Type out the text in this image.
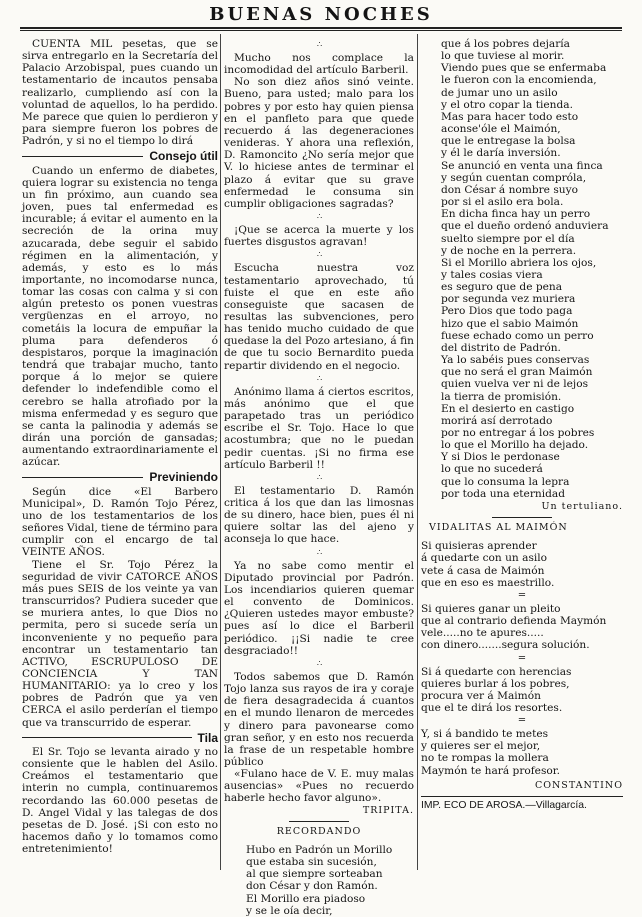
BUENAS NOCHES

CUENTA MIL pesetas, que se sirva entregarlo en la Secretaría del Palacio Arzobispal, pues cuando un testamentario de incautos pensaba realizarlo, cumpliendo así con la voluntad de aquellos, lo ha perdido. Me parece que quien lo perdieron y para siempre fueron los pobres de Padrón, y si no el tiempo lo dirá

Consejo útil

Cuando un enfermo de diabetes, quiera lograr su existencia no tenga un fin próximo, aun cuando sea joven, pues tal enfermedad es incurable; á evitar el aumento en la secreción de la orina muy azucarada, debe seguir el sabido régimen en la alimentación, y además, y esto es lo más importante, no incomodarse nunca, tomar las cosas con calma y si con algún pretesto os ponen vuestras vergüenzas en el arroyo, no cometáis la locura de empuñar la pluma para defenderos ó despistaros, porque la imaginación tendrá que trabajar mucho, tanto porque á lo mejor se quiere defender lo indefendible como el cerebro se halla atrofiado por la misma enfermedad y es seguro que se canta la palinodia y además se dirán una porción de gansadas; aumentando extraordinariamente el azúcar.

Previniendo

Según dice «El Barbero Municipal», D. Ramón Tojo Pérez, uno de los testamentarios de los señores Vidal, tiene de término para cumplir con el encargo de tal VEINTE AÑOS.

Tiene el Sr. Tojo Pérez la seguridad de vivir CATORCE AÑOS más pues SEIS de los veinte ya van transcurridos? Pudiera suceder que se muriera antes, lo que Dios no permita, pero si sucede sería un inconveniente y no pequeño para encontrar un testamentario tan ACTIVO, ESCRUPULOSO DE CONCIENCIA Y TAN HUMANITARIO: ya lo creo y los pobres de Padrón que ya ven CERCA el asilo perderían el tiempo que va transcurrido de esperar.

Tila

El Sr. Tojo se levanta airado y no consiente que le hablen del Asilo. Creámos el testamentario que interin no cumpla, continuaremos recordando las 60.000 pesetas de D. Angel Vidal y las talegas de dos pesetas de D. José. ¡Si con esto no hacemos daño y lo tomamos como entretenimiento!

∴

Mucho nos complace la incomodidad del artículo Barberil.

No son diez años sinó veinte. Bueno, para usted; malo para los pobres y por esto hay quien piensa en el panfleto para que quede recuerdo á las degeneraciones venideras. Y ahora una reflexión, D. Ramoncito ¿No sería mejor que V. lo hiciese antes de terminar el plazo á evitar que su grave enfermedad le consuma sin cumplir obligaciones sagradas?

∴

¡Que se acerca la muerte y los fuertes disgustos agravan!

∴

Escucha nuestra voz testamentario aprovechado, tú fuiste el que en este año conseguiste que sacasen de resultas las subvenciones, pero has tenido mucho cuidado de que quedase la del Pozo artesiano, á fin de que tu socio Bernardito pueda repartir dividendo en el negocio.

∴

Anónimo llama á ciertos escritos, más anónimo que el que parapetado tras un periódico escribe el Sr. Tojo. Hace lo que acostumbra; que no le puedan pedir cuentas. ¡Si no firma ese artículo Barberil !!

∴

El testamentario D. Ramón critica á los que dan las limosnas de su dinero, hace bien, pues él ni quiere soltar las del ajeno y aconseja lo que hace.

∴

Ya no sabe como mentir el Diputado provincial por Padrón. Los incendiarios quieren quemar el convento de Dominicos. ¿Quieren ustedes mayor embuste? pues así lo dice el Barberil periódico. ¡¡Si nadie te cree desgraciado!!

∴

Todos sabemos que D. Ramón Tojo lanza sus rayos de ira y coraje de fiera desagradecida á cuantos en el mundo llenaron de mercedes y dinero para pavonearse como gran señor, y en esto nos recuerda la frase de un respetable hombre público

«Fulano hace de V. E. muy malas ausencias» «Pues no recuerdo haberle hecho favor alguno».

TRIPITA.
RECORDANDO
Hubo en Padrón un Morillo
que estaba sin sucesión,
al que siempre sorteaban
don César y don Ramón.
El Morillo era piadoso
y se le oía decir,
que á los pobres dejaría
lo que tuviese al morir.
Viendo pues que se enfermaba
le fueron con la encomienda,
de jumar uno un asilo
y el otro copar la tienda.
Mas para hacer todo esto
aconse'óle el Maimón,
que le entregase la bolsa
y él le daría inversión.
Se anunció en venta una finca
y según cuentan compróla,
don César á nombre suyo
por si el asilo era bola.
En dicha finca hay un perro
que el dueño ordenó anduviera
suelto siempre por el día
y de noche en la perrera.
Si el Morillo abriera los ojos,
y tales cosias viera
es seguro que de pena
por segunda vez muriera
Pero Dios que todo paga
hizo que el sabio Maimón
fuese echado como un perro
del distrito de Padrón.
Ya lo sabéis pues conservas
que no será el gran Maimón
quien vuelva ver ni de lejos
la tierra de promisión.
En el desierto en castigo
morirá así derrotado
por no entregar á los pobres
lo que el Morillo ha dejado.
Y si Dios le perdonase
lo que no sucederá
que lo consuma la lepra
por toda una eternidad
Un tertuliano.
VIDALITAS AL MAIMÓN
Si quisieras aprender
á quedarte con un asilo
vete á casa de Maimón
que en eso es maestrillo.
=
Si quieres ganar un pleito
que al contrario defienda Maymón
vele.....no te apures.....
con dinero.......segura solución.
=
Si á quedarte con herencias
quieres burlar á los pobres,
procura ver á Maimón
que el te dirá los resortes.
=
Y, si á bandido te metes
y quieres ser el mejor,
no te rompas la mollera
Maymón te hará profesor.
CONSTANTINO
IMP. ECO DE AROSA.—Villagarcía.
